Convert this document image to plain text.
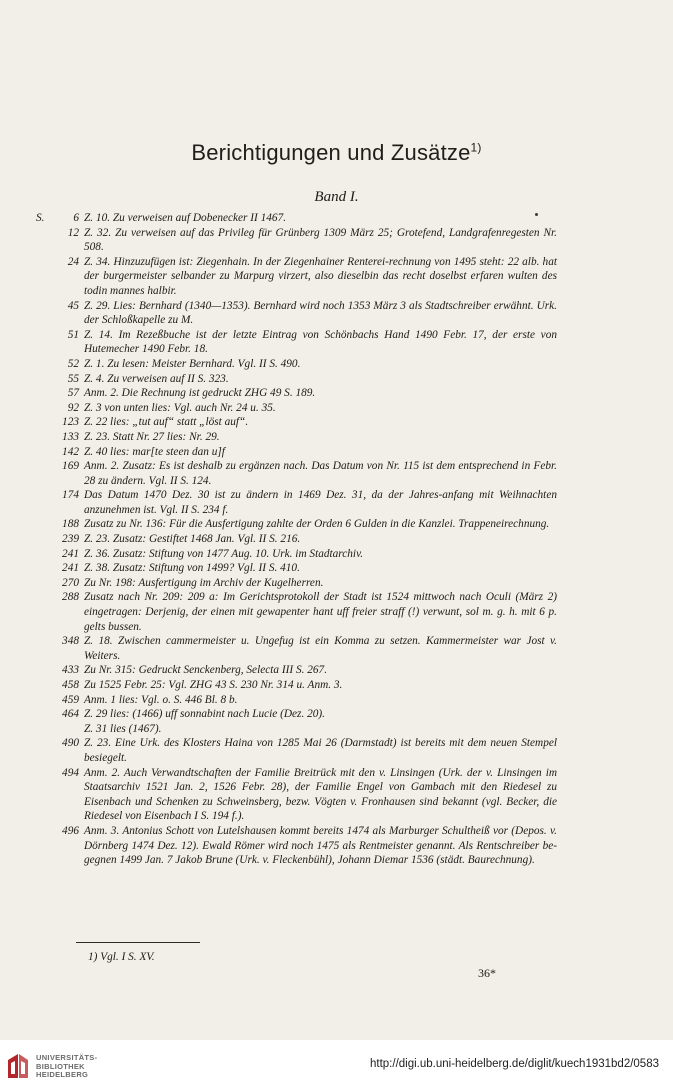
Berichtigungen und Zusätze$^{1)}$
Band I.
S.	6 Z. 10. Zu verweisen auf Dobenecker II 1467.
12 Z. 32. Zu verweisen auf das Privileg für Grünberg 1309 März 25; Grotefend, Landgrafenregesten Nr. 508.
24 Z. 34. Hinzuzufügen ist: Ziegenhain. In der Ziegenhainer Renterei-rechnung von 1495 steht: 22 alb. hat der burgermeister selbander zu Marpurg virzert, also dieselbin das recht doselbst erfaren wulten des todin mannes halbir.
45 Z. 29. Lies: Bernhard (1340—1353). Bernhard wird noch 1353 März 3 als Stadtschreiber erwähnt. Urk. der Schloßkapelle zu M.
51 Z. 14. Im Rezeßbuche ist der letzte Eintrag von Schönbachs Hand 1490 Febr. 17, der erste von Hutemecher 1490 Febr. 18.
52 Z. 1. Zu lesen: Meister Bernhard. Vgl. II S. 490.
55 Z. 4. Zu verweisen auf II S. 323.
57 Anm. 2. Die Rechnung ist gedruckt ZHG 49 S. 189.
92 Z. 3 von unten lies: Vgl. auch Nr. 24 u. 35.
123 Z. 22 lies: „tut auf“ statt „löst auf“.
133 Z. 23. Statt Nr. 27 lies: Nr. 29.
142 Z. 40 lies: mar[te steen dan u]f
169 Anm. 2. Zusatz: Es ist deshalb zu ergänzen nach. Das Datum von Nr. 115 ist dem entsprechend in Febr. 28 zu ändern. Vgl. II S. 124.
174 Das Datum 1470 Dez. 30 ist zu ändern in 1469 Dez. 31, da der Jahres-anfang mit Weihnachten anzunehmen ist. Vgl. II S. 234 f.
188 Zusatz zu Nr. 136: Für die Ausfertigung zahlte der Orden 6 Gulden in die Kanzlei. Trappeneirechnung.
239 Z. 23. Zusatz: Gestiftet 1468 Jan. Vgl. II S. 216.
241 Z. 36. Zusatz: Stiftung von 1477 Aug. 10. Urk. im Stadtarchiv.
241 Z. 38. Zusatz: Stiftung von 1499? Vgl. II S. 410.
270 Zu Nr. 198: Ausfertigung im Archiv der Kugelherren.
288 Zusatz nach Nr. 209: 209 a: Im Gerichtsprotokoll der Stadt ist 1524 mittwoch nach Oculi (März 2) eingetragen: Derjenig, der einen mit gewapenter hant uff freier straff (!) verwunt, sol m. g. h. mit 6 p. gelts bussen.
348 Z. 18. Zwischen cammermeister u. Ungefug ist ein Komma zu setzen. Kammermeister war Jost v. Weiters.
433 Zu Nr. 315: Gedruckt Senckenberg, Selecta III S. 267.
458 Zu 1525 Febr. 25: Vgl. ZHG 43 S. 230 Nr. 314 u. Anm. 3.
459 Anm. 1 lies: Vgl. o. S. 446 Bl. 8 b.
464 Z. 29 lies: (1466) uff sonnabint nach Lucie (Dez. 20).
Z. 31 lies (1467).
490 Z. 23. Eine Urk. des Klosters Haina von 1285 Mai 26 (Darmstadt) ist bereits mit dem neuen Stempel besiegelt.
494 Anm. 2. Auch Verwandtschaften der Familie Breitrück mit den v. Linsingen (Urk. der v. Linsingen im Staatsarchiv 1521 Jan. 2, 1526 Febr. 28), der Familie Engel von Gambach mit den Riedesel zu Eisenbach und Schenken zu Schweinsberg, bezw. Vögten v. Fronhausen sind bekannt (vgl. Becker, die Riedesel von Eisenbach I S. 194 f.).
496 Anm. 3. Antonius Schott von Lutelshausen kommt bereits 1474 als Marburger Schultheiß vor (Depos. v. Dörnberg 1474 Dez. 12). Ewald Römer wird noch 1475 als Rentmeister genannt. Als Rentschreiber be-gegnen 1499 Jan. 7 Jakob Brune (Urk. v. Fleckenbühl), Johann Diemar 1536 (städt. Baurechnung).
1) Vgl. I S. XV.
36*
UNIVERSITÄTS-
BIBLIOTHEK
HEIDELBERG
http://digi.ub.uni-heidelberg.de/diglit/kuech1931bd2/0583
